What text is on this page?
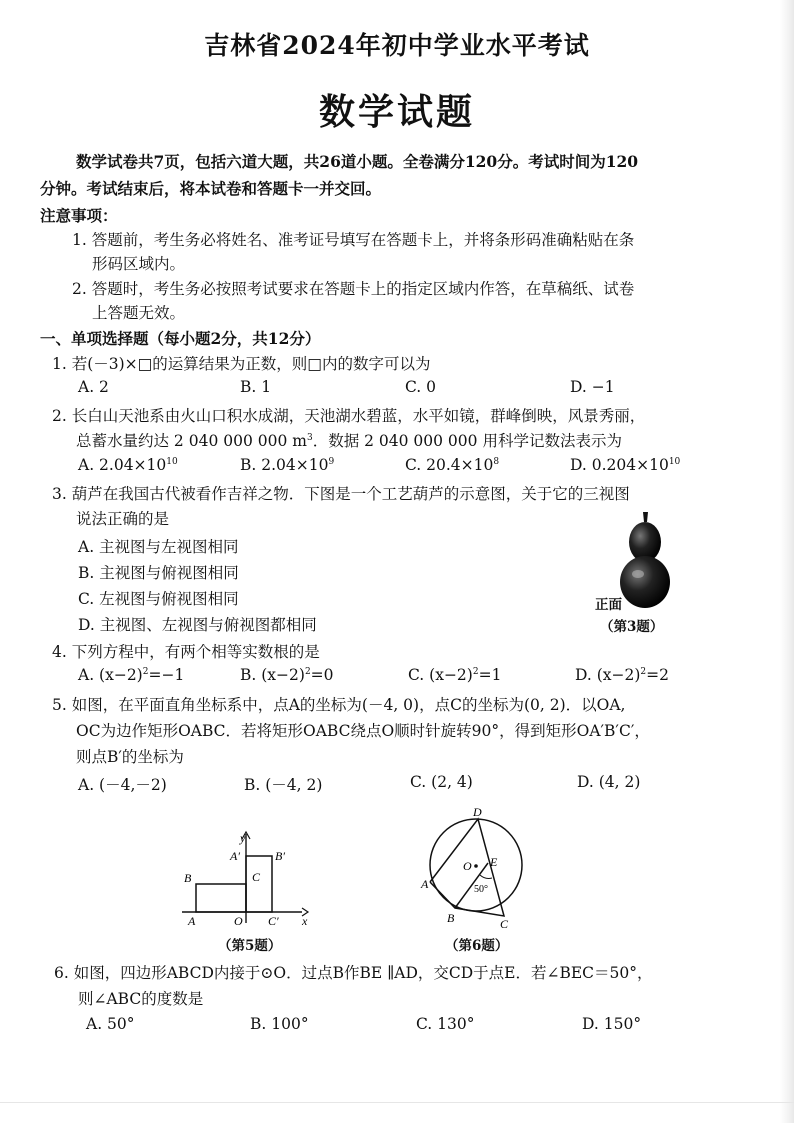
吉林省2024年初中学业水平考试
数学试题
数学试卷共7页，包括六道大题，共26道小题。全卷满分120分。考试时间为120
分钟。考试结束后，将本试卷和答题卡一并交回。
注意事项：
1. 答题前，考生务必将姓名、准考证号填写在答题卡上，并将条形码准确粘贴在条
形码区域内。
2. 答题时，考生务必按照考试要求在答题卡上的指定区域内作答，在草稿纸、试卷
上答题无效。
一、单项选择题（每小题2分，共12分）
1. 若(－3)×□的运算结果为正数，则□内的数字可以为
A. 2	B. 1	C. 0	D. −1
2. 长白山天池系由火山口积水成湖，天池湖水碧蓝，水平如镜，群峰倒映，风景秀丽，
总蓄水量约达 2 040 000 000 $m^3$．数据 2 040 000 000 用科学记数法表示为
A. $2.04\times 10^{10}$	B. $2.04\times 10^9$	C. $20.4\times 10^8$	D. $0.204\times 10^{10}$
3. 葫芦在我国古代被看作吉祥之物．下图是一个工艺葫芦的示意图，关于它的三视图
说法正确的是
A. 主视图与左视图相同
B. 主视图与俯视图相同
C. 左视图与俯视图相同
D. 主视图、左视图与俯视图都相同
正面
（第3题）
4. 下列方程中，有两个相等实数根的是
A. $(x-2)^2=-1$	B. $(x-2)^2=0$	C. $(x-2)^2=1$	D. $(x-2)^2=2$
5. 如图，在平面直角坐标系中，点A的坐标为(－4, 0)，点C的坐标为(0, 2)．以OA,
OC为边作矩形OABC．若将矩形OABC绕点O顺时针旋转90°，得到矩形OA′B′C′，
则点B′的坐标为
A. (－4,－2)	B. (－4, 2)	C. (2, 4)	D. (4, 2)
y
x
A′	B′
B	C
A	O C′
（第5题）
D
O E
A	50°
B	C
（第6题）
6. 如图，四边形ABCD内接于⊙O．过点B作BE ∥AD，交CD于点E．若∠BEC＝50°，
则∠ABC的度数是
A. 50°	B. 100°	C. 130°	D. 150°
